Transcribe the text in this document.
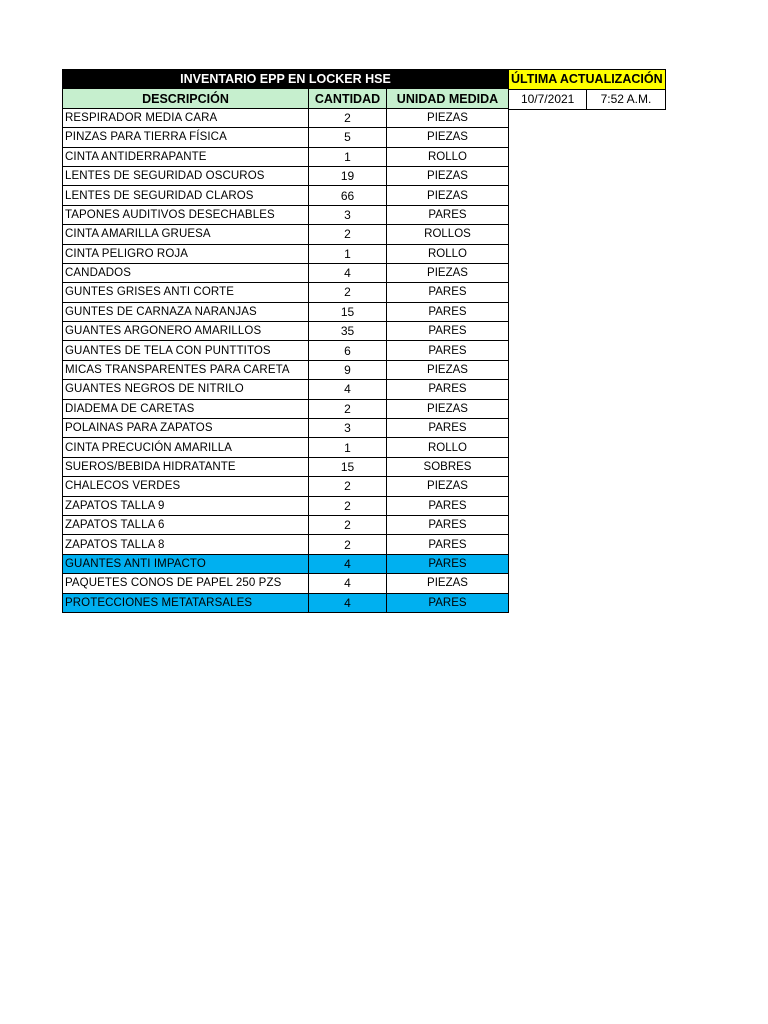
INVENTARIO EPP EN LOCKER HSE		
DESCRIPCIÓN	CANTIDAD	UNIDAD MEDIDA
RESPIRADOR MEDIA CARA	2	PIEZAS
PINZAS PARA TIERRA FÍSICA	5	PIEZAS
CINTA ANTIDERRAPANTE	1	ROLLO
LENTES DE SEGURIDAD OSCUROS	19	PIEZAS
LENTES DE SEGURIDAD CLAROS	66	PIEZAS
TAPONES AUDITIVOS DESECHABLES	3	PARES
CINTA AMARILLA GRUESA	2	ROLLOS
CINTA PELIGRO ROJA	1	ROLLO
CANDADOS	4	PIEZAS
GUNTES GRISES ANTI CORTE	2	PARES
GUNTES DE CARNAZA NARANJAS	15	PARES
GUANTES ARGONERO AMARILLOS	35	PARES
GUANTES DE TELA CON PUNTTITOS	6	PARES
MICAS TRANSPARENTES PARA CARETA	9	PIEZAS
GUANTES NEGROS DE NITRILO	4	PARES
DIADEMA DE CARETAS	2	PIEZAS
POLAINAS PARA ZAPATOS	3	PARES
CINTA PRECUCIÓN AMARILLA	1	ROLLO
SUEROS/BEBIDA HIDRATANTE	15	SOBRES
CHALECOS VERDES	2	PIEZAS
ZAPATOS TALLA 9	2	PARES
ZAPATOS TALLA 6	2	PARES
ZAPATOS TALLA 8	2	PARES
GUANTES ANTI IMPACTO	4	PARES
PAQUETES CONOS DE PAPEL 250 PZS	4	PIEZAS
PROTECCIONES METATARSALES	4	PARES
ÚLTIMA ACTUALIZACIÓN
10/7/2021	7:52 A.M.
